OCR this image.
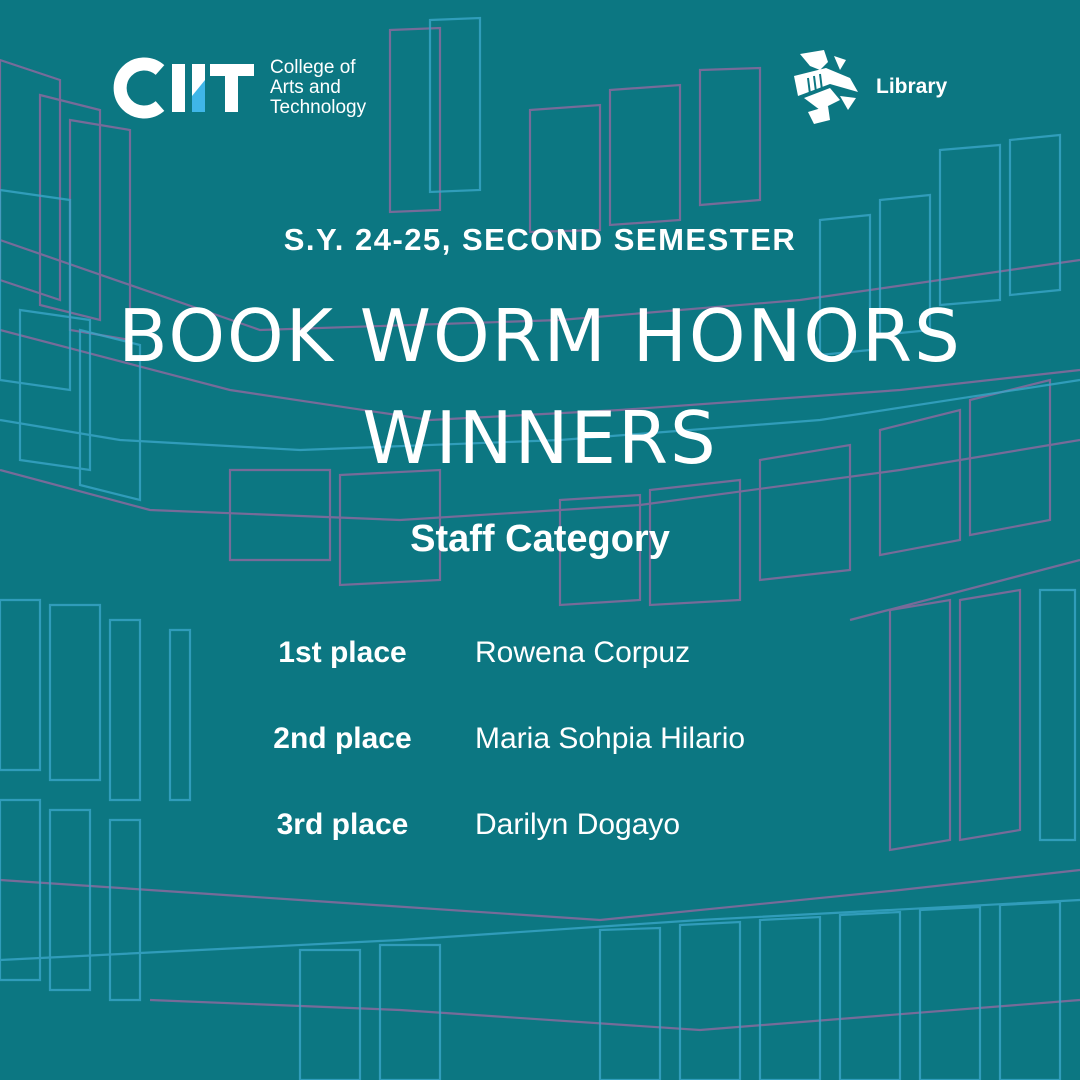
College of
Arts and
Technology
Library
S.Y. 24-25, SECOND SEMESTER
BOOK WORM HONORS
WINNERS
Staff Category
1st place	Rowena Corpuz
2nd place	Maria Sohpia Hilario
3rd place	Darilyn Dogayo
